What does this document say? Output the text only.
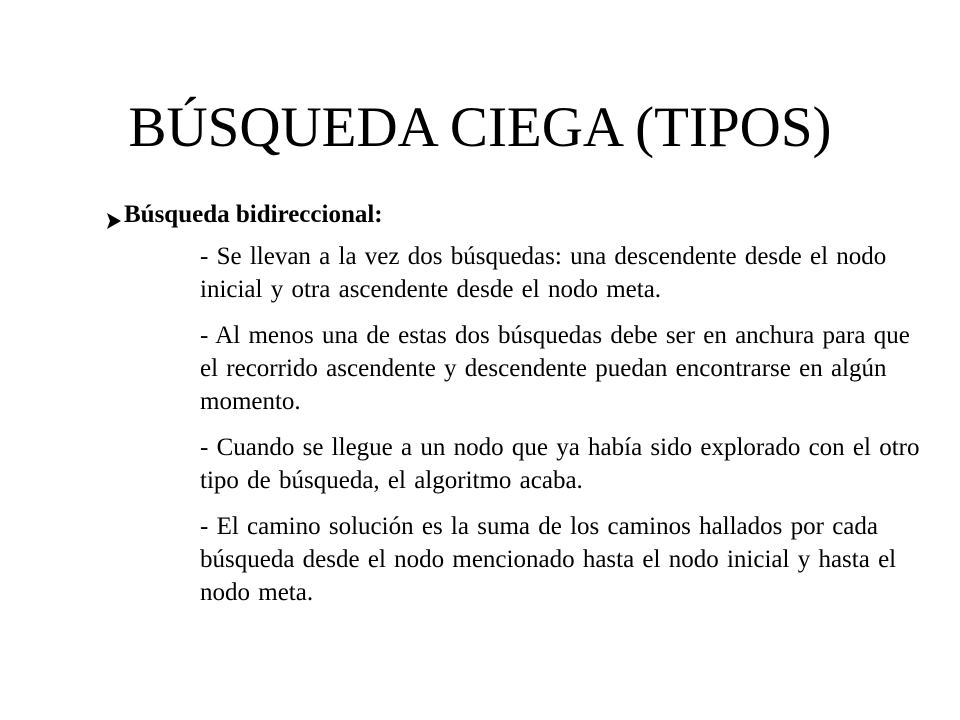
BÚSQUEDA CIEGA (TIPOS)
Búsqueda bidireccional:
- Se llevan a la vez dos búsquedas: una descendente desde el nodo inicial y otra ascendente desde el nodo meta.
- Al menos una de estas dos búsquedas debe ser en anchura para que el recorrido ascendente y descendente puedan encontrarse en algún momento.
- Cuando se llegue a un nodo que ya había sido explorado con el otro tipo de búsqueda, el algoritmo acaba.
- El camino solución es la suma de los caminos hallados por cada búsqueda desde el nodo mencionado hasta el nodo inicial y hasta el nodo meta.
